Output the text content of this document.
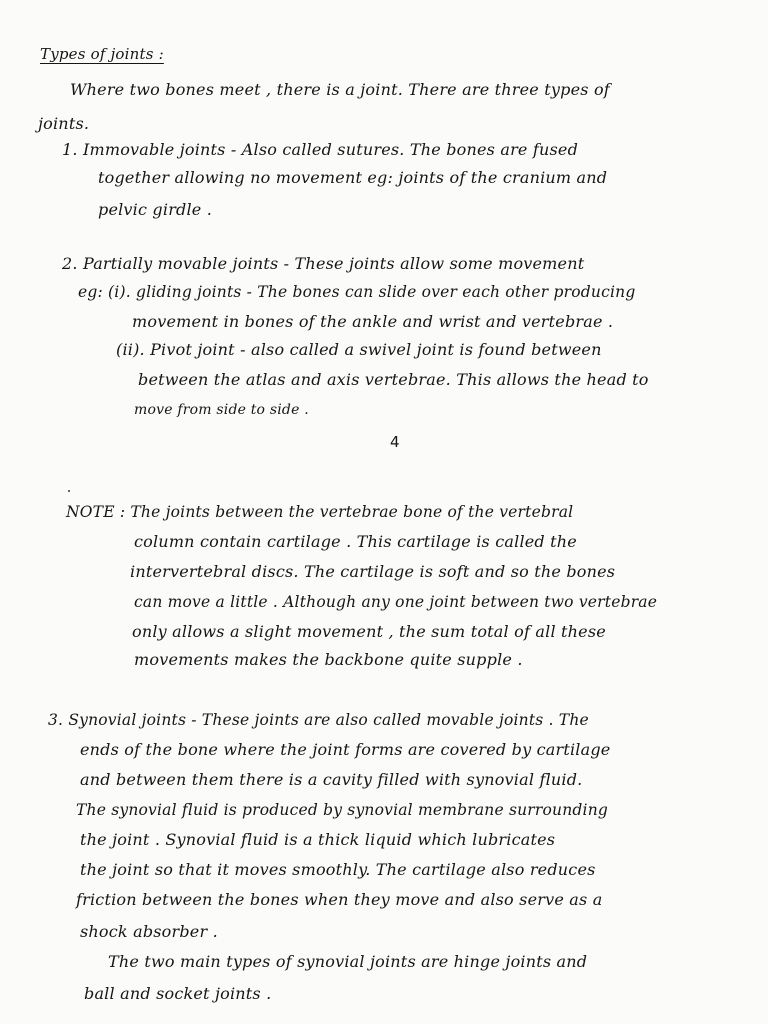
Types of joints :
Where two bones meet , there is a joint. There are three types of
joints.
1. Immovable joints - Also called sutures. The bones are fused
together allowing no movement eg: joints of the cranium and
pelvic girdle .
2. Partially movable joints - These joints allow some movement
eg: (i). gliding joints - The bones can slide over each other producing
movement in bones of the ankle and wrist and vertebrae .
(ii). Pivot joint - also called a swivel joint is found between
between the atlas and axis vertebrae. This allows the head to
move from side to side .
4
NOTE : The joints between the vertebrae bone of the vertebral
column contain cartilage . This cartilage is called the
intervertebral discs. The cartilage is soft and so the bones
can move a little . Although any one joint between two vertebrae
only allows a slight movement , the sum total of all these
movements makes the backbone quite supple .
3. Synovial joints - These joints are also called movable joints . The
ends of the bone where the joint forms are covered by cartilage
and between them there is a cavity filled with synovial fluid.
The synovial fluid is produced by synovial membrane surrounding
the joint . Synovial fluid is a thick liquid which lubricates
the joint so that it moves smoothly. The cartilage also reduces
friction between the bones when they move and also serve as a
shock absorber .
The two main types of synovial joints are hinge joints and
ball and socket joints .
